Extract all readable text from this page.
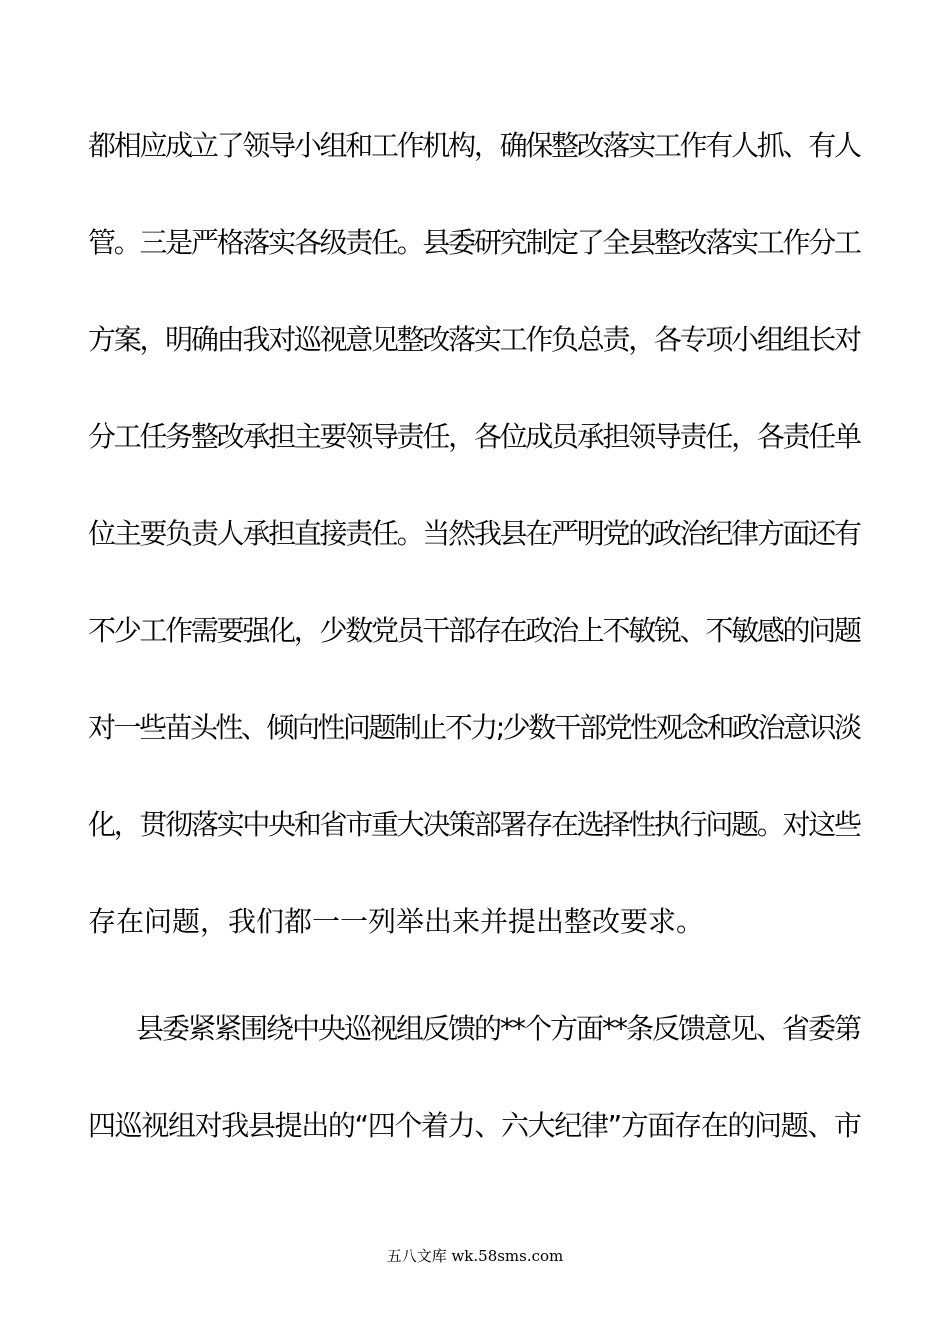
都相应成立了领导小组和工作机构，确保整改落实工作有人抓、有人
管。三是严格落实各级责任。县委研究制定了全县整改落实工作分工
方案，明确由我对巡视意见整改落实工作负总责，各专项小组组长对
分工任务整改承担主要领导责任，各位成员承担领导责任，各责任单
位主要负责人承担直接责任。当然我县在严明党的政治纪律方面还有
不少工作需要强化，少数党员干部存在政治上不敏锐、不敏感的问题
对一些苗头性、倾向性问题制止不力;少数干部党性观念和政治意识淡
化，贯彻落实中央和省市重大决策部署存在选择性执行问题。对这些
存在问题，我们都一一列举出来并提出整改要求。
县委紧紧围绕中央巡视组反馈的**个方面**条反馈意见、省委第
四巡视组对我县提出的“四个着力、六大纪律”方面存在的问题、市
五八文库 wk.58sms.com
